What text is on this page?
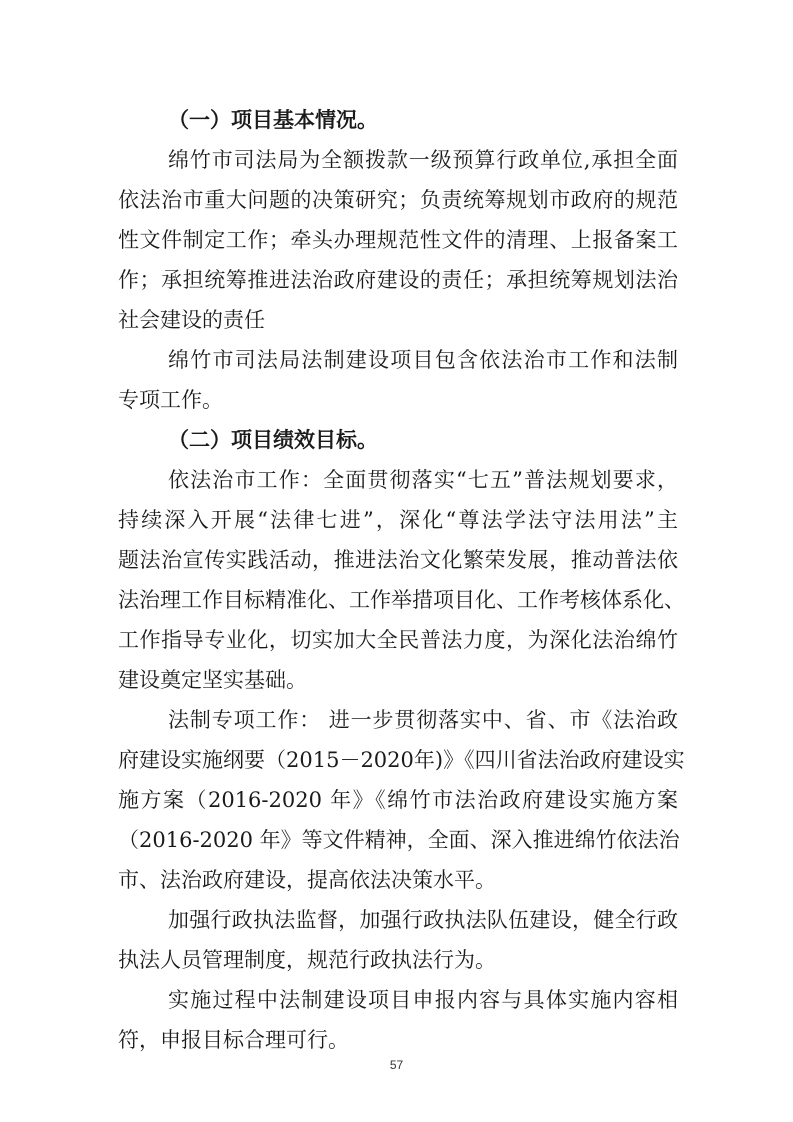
（一）项目基本情况。
绵竹市司法局为全额拨款一级预算行政单位,承担全面
依法治市重大问题的决策研究；负责统筹规划市政府的规范
性文件制定工作；牵头办理规范性文件的清理、上报备案工
作；承担统筹推进法治政府建设的责任；承担统筹规划法治
社会建设的责任
绵竹市司法局法制建设项目包含依法治市工作和法制
专项工作。
（二）项目绩效目标。
依法治市工作：全面贯彻落实“七五”普法规划要求，
持续深入开展“法律七进”，深化“尊法学法守法用法”主
题法治宣传实践活动，推进法治文化繁荣发展，推动普法依
法治理工作目标精准化、工作举措项目化、工作考核体系化、
工作指导专业化，切实加大全民普法力度，为深化法治绵竹
建设奠定坚实基础。
法制专项工作： 进一步贯彻落实中、省、市《法治政
府建设实施纲要（2015－2020年)》《四川省法治政府建设实
施方案（2016-2020 年》《绵竹市法治政府建设实施方案
（2016-2020 年》等文件精神，全面、深入推进绵竹依法治
市、法治政府建设，提高依法决策水平。
加强行政执法监督，加强行政执法队伍建设，健全行政
执法人员管理制度，规范行政执法行为。
实施过程中法制建设项目申报内容与具体实施内容相
符，申报目标合理可行。
57
